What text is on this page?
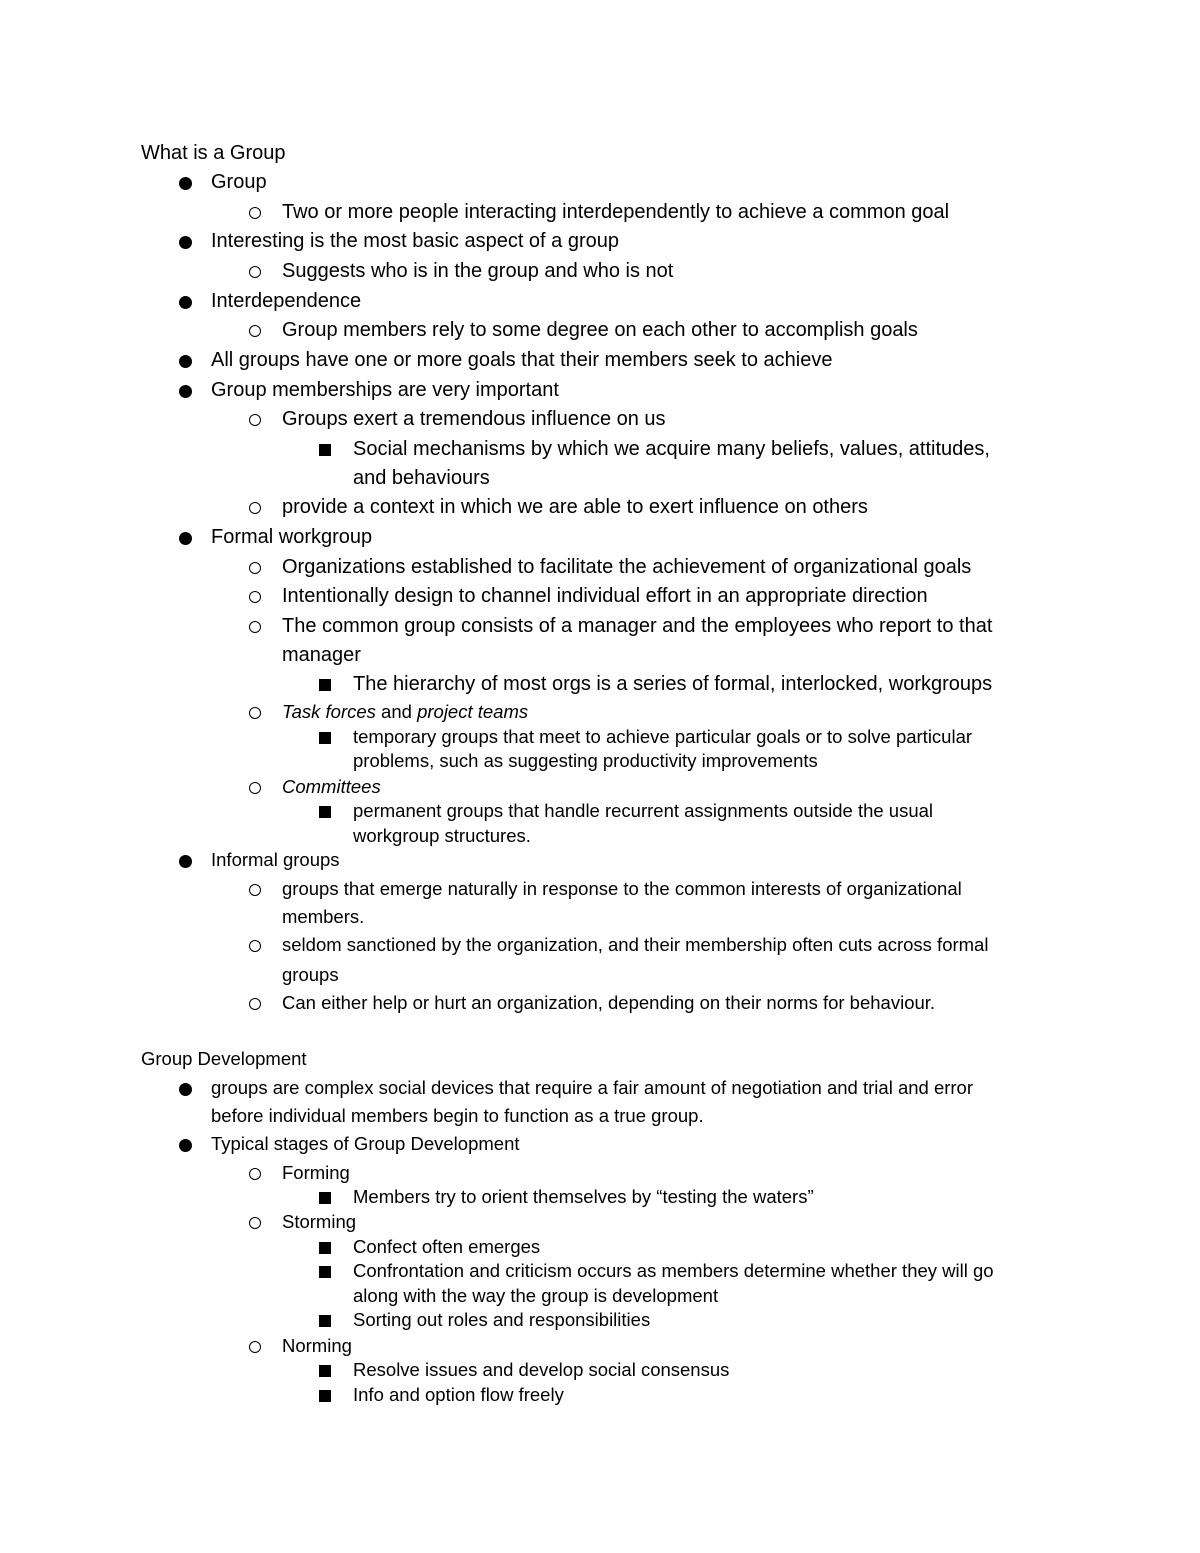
What is a Group
Group
Two or more people interacting interdependently to achieve a common goal
Interesting is the most basic aspect of a group
Suggests who is in the group and who is not
Interdependence
Group members rely to some degree on each other to accomplish goals
All groups have one or more goals that their members seek to achieve
Group memberships are very important
Groups exert a tremendous influence on us
Social mechanisms by which we acquire many beliefs, values, attitudes,
and behaviours
provide a context in which we are able to exert influence on others
Formal workgroup
Organizations established to facilitate the achievement of organizational goals
Intentionally design to channel individual effort in an appropriate direction
The common group consists of a manager and the employees who report to that
manager
The hierarchy of most orgs is a series of formal, interlocked, workgroups
Task forces and project teams
temporary groups that meet to achieve particular goals or to solve particular
problems, such as suggesting productivity improvements
Committees
permanent groups that handle recurrent assignments outside the usual
workgroup structures.
Informal groups
groups that emerge naturally in response to the common interests of organizational
members.
seldom sanctioned by the organization, and their membership often cuts across formal
groups
Can either help or hurt an organization, depending on their norms for behaviour.
Group Development
groups are complex social devices that require a fair amount of negotiation and trial and error
before individual members begin to function as a true group.
Typical stages of Group Development
Forming
Members try to orient themselves by “testing the waters”
Storming
Confect often emerges
Confrontation and criticism occurs as members determine whether they will go
along with the way the group is development
Sorting out roles and responsibilities
Norming
Resolve issues and develop social consensus
Info and option flow freely
